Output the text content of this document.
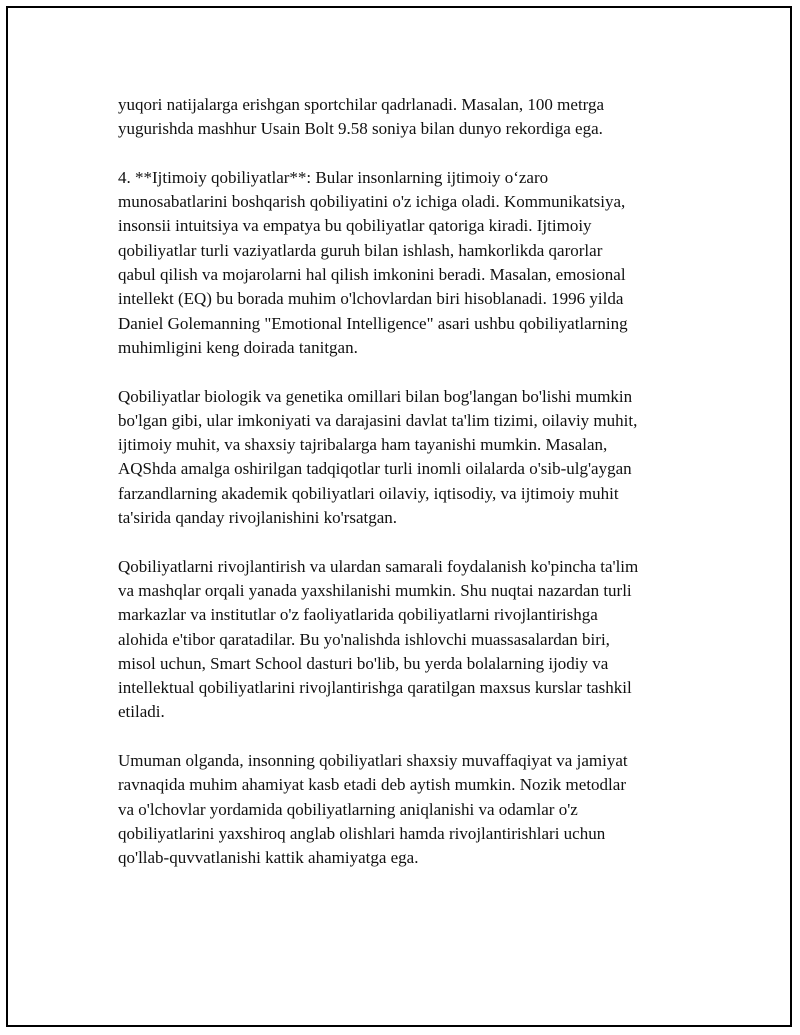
yuqori natijalarga erishgan sportchilar qadrlanadi. Masalan, 100 metrga
yugurishda mashhur Usain Bolt 9.58 soniya bilan dunyo rekordiga ega.

4. **Ijtimoiy qobiliyatlar**: Bular insonlarning ijtimoiy o‘zaro
munosabatlarini boshqarish qobiliyatini o'z ichiga oladi. Kommunikatsiya,
insonsii intuitsiya va empatya bu qobiliyatlar qatoriga kiradi. Ijtimoiy
qobiliyatlar turli vaziyatlarda guruh bilan ishlash, hamkorlikda qarorlar
qabul qilish va mojarolarni hal qilish imkonini beradi. Masalan, emosional
intellekt (EQ) bu borada muhim o'lchovlardan biri hisoblanadi. 1996 yilda
Daniel Golemanning "Emotional Intelligence" asari ushbu qobiliyatlarning
muhimligini keng doirada tanitgan.

Qobiliyatlar biologik va genetika omillari bilan bog'langan bo'lishi mumkin
bo'lgan gibi, ular imkoniyati va darajasini davlat ta'lim tizimi, oilaviy muhit,
ijtimoiy muhit, va shaxsiy tajribalarga ham tayanishi mumkin. Masalan,
AQShda amalga oshirilgan tadqiqotlar turli inomli oilalarda o'sib-ulg'aygan
farzandlarning akademik qobiliyatlari oilaviy, iqtisodiy, va ijtimoiy muhit
ta'sirida qanday rivojlanishini ko'rsatgan.

Qobiliyatlarni rivojlantirish va ulardan samarali foydalanish ko'pincha ta'lim
va mashqlar orqali yanada yaxshilanishi mumkin. Shu nuqtai nazardan turli
markazlar va institutlar o'z faoliyatlarida qobiliyatlarni rivojlantirishga
alohida e'tibor qaratadilar. Bu yo'nalishda ishlovchi muassasalardan biri,
misol uchun, Smart School dasturi bo'lib, bu yerda bolalarning ijodiy va
intellektual qobiliyatlarini rivojlantirishga qaratilgan maxsus kurslar tashkil
etiladi.

Umuman olganda, insonning qobiliyatlari shaxsiy muvaffaqiyat va jamiyat
ravnaqida muhim ahamiyat kasb etadi deb aytish mumkin. Nozik metodlar
va o'lchovlar yordamida qobiliyatlarning aniqlanishi va odamlar o'z
qobiliyatlarini yaxshiroq anglab olishlari hamda rivojlantirishlari uchun
qo'llab-quvvatlanishi kattik ahamiyatga ega.
